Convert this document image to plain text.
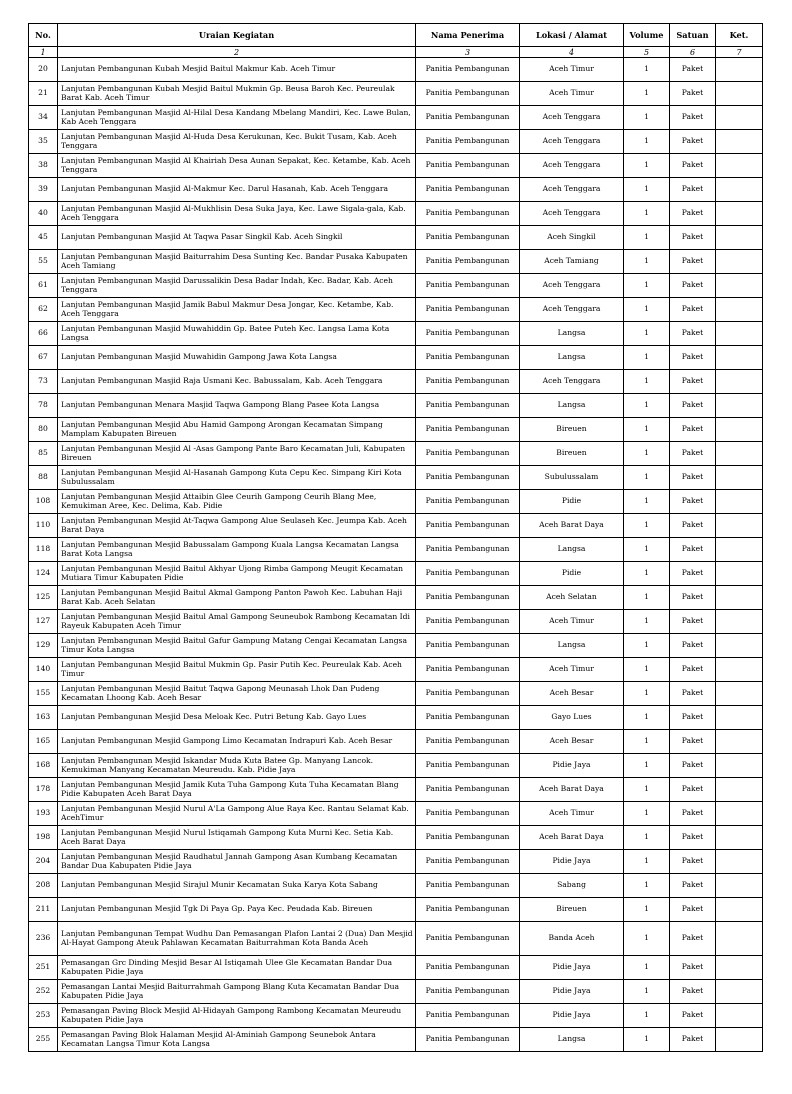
No.	Uraian Kegiatan	Nama Penerima	Lokasi / Alamat	Volume	Satuan	Ket.
1	2	3	4	5	6	7
20	Lanjutan Pembangunan Kubah Mesjid Baitul Makmur Kab. Aceh Timur	Panitia Pembangunan	Aceh Timur	1	Paket	
21	Lanjutan Pembangunan Kubah Mesjid Baitul Mukmin Gp. Beusa Baroh Kec. Peureulak Barat Kab. Aceh Timur	Panitia Pembangunan	Aceh Timur	1	Paket	
34	Lanjutan Pembangunan Masjid Al-Hilal Desa Kandang Mbelang Mandiri, Kec. Lawe Bulan, Kab Aceh Tenggara	Panitia Pembangunan	Aceh Tenggara	1	Paket	
35	Lanjutan Pembangunan Masjid Al-Huda Desa Kerukunan, Kec. Bukit Tusam, Kab. Aceh Tenggara	Panitia Pembangunan	Aceh Tenggara	1	Paket	
38	Lanjutan Pembangunan Masjid Al Khairiah Desa Aunan Sepakat, Kec. Ketambe, Kab. Aceh Tenggara	Panitia Pembangunan	Aceh Tenggara	1	Paket	
39	Lanjutan Pembangunan Masjid Al-Makmur Kec. Darul Hasanah, Kab. Aceh Tenggara	Panitia Pembangunan	Aceh Tenggara	1	Paket	
40	Lanjutan Pembangunan Masjid Al-Mukhlisin Desa Suka Jaya, Kec. Lawe Sigala-gala, Kab. Aceh Tenggara	Panitia Pembangunan	Aceh Tenggara	1	Paket	
45	Lanjutan Pembangunan Masjid At Taqwa Pasar Singkil Kab. Aceh Singkil	Panitia Pembangunan	Aceh Singkil	1	Paket	
55	Lanjutan Pembangunan Masjid Baiturrahim Desa Sunting Kec. Bandar Pusaka Kabupaten Aceh Tamiang	Panitia Pembangunan	Aceh Tamiang	1	Paket	
61	Lanjutan Pembangunan Masjid Darussalikin Desa Badar Indah, Kec. Badar, Kab. Aceh Tenggara	Panitia Pembangunan	Aceh Tenggara	1	Paket	
62	Lanjutan Pembangunan Masjid Jamik Babul Makmur Desa Jongar, Kec. Ketambe, Kab. Aceh Tenggara	Panitia Pembangunan	Aceh Tenggara	1	Paket	
66	Lanjutan Pembangunan Masjid Muwahiddin Gp. Batee Puteh Kec. Langsa Lama Kota Langsa	Panitia Pembangunan	Langsa	1	Paket	
67	Lanjutan Pembangunan Masjid Muwahidin Gampong Jawa Kota Langsa	Panitia Pembangunan	Langsa	1	Paket	
73	Lanjutan Pembangunan Masjid Raja Usmani Kec. Babussalam, Kab. Aceh Tenggara	Panitia Pembangunan	Aceh Tenggara	1	Paket	
78	Lanjutan Pembangunan Menara Masjid Taqwa Gampong Blang Pasee Kota Langsa	Panitia Pembangunan	Langsa	1	Paket	
80	Lanjutan Pembangunan Mesjid Abu Hamid Gampong Arongan Kecamatan Simpang Mamplam Kabupaten Bireuen	Panitia Pembangunan	Bireuen	1	Paket	
85	Lanjutan Pembangunan Mesjid Al -Asas Gampong Pante Baro Kecamatan Juli, Kabupaten Bireuen	Panitia Pembangunan	Bireuen	1	Paket	
88	Lanjutan Pembangunan Mesjid Al-Hasanah Gampong Kuta Cepu Kec. Simpang Kiri Kota Subulussalam	Panitia Pembangunan	Subulussalam	1	Paket	
108	Lanjutan Pembangunan Mesjid Attaibin Glee Ceurih Gampong Ceurih Blang Mee, Kemukiman Aree, Kec. Delima, Kab. Pidie	Panitia Pembangunan	Pidie	1	Paket	
110	Lanjutan Pembangunan Mesjid At-Taqwa Gampong Alue Seulaseh Kec. Jeumpa Kab. Aceh Barat Daya	Panitia Pembangunan	Aceh Barat Daya	1	Paket	
118	Lanjutan Pembangunan Mesjid Babussalam Gampong Kuala Langsa Kecamatan Langsa Barat Kota Langsa	Panitia Pembangunan	Langsa	1	Paket	
124	Lanjutan Pembangunan Mesjid Baitul Akhyar Ujong Rimba Gampong Meugit Kecamatan Mutiara Timur Kabupaten Pidie	Panitia Pembangunan	Pidie	1	Paket	
125	Lanjutan Pembangunan Mesjid Baitul Akmal Gampong Panton Pawoh Kec. Labuhan Haji Barat Kab. Aceh Selatan	Panitia Pembangunan	Aceh Selatan	1	Paket	
127	Lanjutan Pembangunan Mesjid Baitul Amal Gampong Seuneubok Rambong Kecamatan Idi Rayeuk Kabupaten Aceh Timur	Panitia Pembangunan	Aceh Timur	1	Paket	
129	Lanjutan Pembangunan Mesjid Baitul Gafur Gampung Matang Cengai Kecamatan Langsa Timur Kota Langsa	Panitia Pembangunan	Langsa	1	Paket	
140	Lanjutan Pembangunan Mesjid Baitul Mukmin Gp. Pasir Putih Kec. Peureulak Kab. Aceh Timur	Panitia Pembangunan	Aceh Timur	1	Paket	
155	Lanjutan Pembangunan Mesjid Baitut Taqwa Gapong Meunasah Lhok Dan Pudeng Kecamatan Lhoong Kab. Aceh Besar	Panitia Pembangunan	Aceh Besar	1	Paket	
163	Lanjutan Pembangunan Mesjid Desa Meloak Kec. Putri Betung Kab. Gayo Lues	Panitia Pembangunan	Gayo Lues	1	Paket	
165	Lanjutan Pembangunan Mesjid Gampong Limo Kecamatan Indrapuri Kab. Aceh Besar	Panitia Pembangunan	Aceh Besar	1	Paket	
168	Lanjutan Pembangunan Mesjid Iskandar Muda Kuta Batee Gp. Manyang Lancok. Kemukiman Manyang Kecamatan Meureudu. Kab. Pidie Jaya	Panitia Pembangunan	Pidie Jaya	1	Paket	
178	Lanjutan Pembangunan Mesjid Jamik Kuta Tuha Gampong Kuta Tuha Kecamatan Blang Pidie Kabupaten Aceh Barat Daya	Panitia Pembangunan	Aceh Barat Daya	1	Paket	
193	Lanjutan Pembangunan Mesjid Nurul A'La Gampong Alue Raya Kec. Rantau Selamat Kab. AcehTimur	Panitia Pembangunan	Aceh Timur	1	Paket	
198	Lanjutan Pembangunan Mesjid Nurul Istiqamah Gampong Kuta Murni Kec. Setia Kab. Aceh Barat Daya	Panitia Pembangunan	Aceh Barat Daya	1	Paket	
204	Lanjutan Pembangunan Mesjid Raudhatul Jannah Gampong Asan Kumbang Kecamatan Bandar Dua Kabupaten Pidie Jaya	Panitia Pembangunan	Pidie Jaya	1	Paket	
208	Lanjutan Pembangunan Mesjid Sirajul Munir Kecamatan Suka Karya Kota Sabang	Panitia Pembangunan	Sabang	1	Paket	
211	Lanjutan Pembangunan Mesjid Tgk Di Paya Gp. Paya Kec. Peudada Kab. Bireuen	Panitia Pembangunan	Bireuen	1	Paket	
236	Lanjutan Pembangunan Tempat Wudhu Dan Pemasangan Plafon Lantai 2 (Dua) Dan Mesjid Al-Hayat Gampong Ateuk Pahlawan Kecamatan Baiturrahman Kota Banda Aceh	Panitia Pembangunan	Banda Aceh	1	Paket	
251	Pemasangan Grc Dinding Mesjid Besar Al Istiqamah Ulee Gle Kecamatan Bandar Dua Kabupaten Pidie Jaya	Panitia Pembangunan	Pidie Jaya	1	Paket	
252	Pemasangan Lantai Mesjid Baiturrahmah Gampong Blang Kuta Kecamatan Bandar Dua Kabupaten Pidie Jaya	Panitia Pembangunan	Pidie Jaya	1	Paket	
253	Pemasangan Paving Block Mesjid Al-Hidayah Gampong Rambong Kecamatan Meureudu Kabupaten Pidie Jaya	Panitia Pembangunan	Pidie Jaya	1	Paket	
255	Pemasangan Paving Blok Halaman Mesjid Al-Aminiah Gampong Seunebok Antara Kecamatan Langsa Timur Kota Langsa	Panitia Pembangunan	Langsa	1	Paket	
